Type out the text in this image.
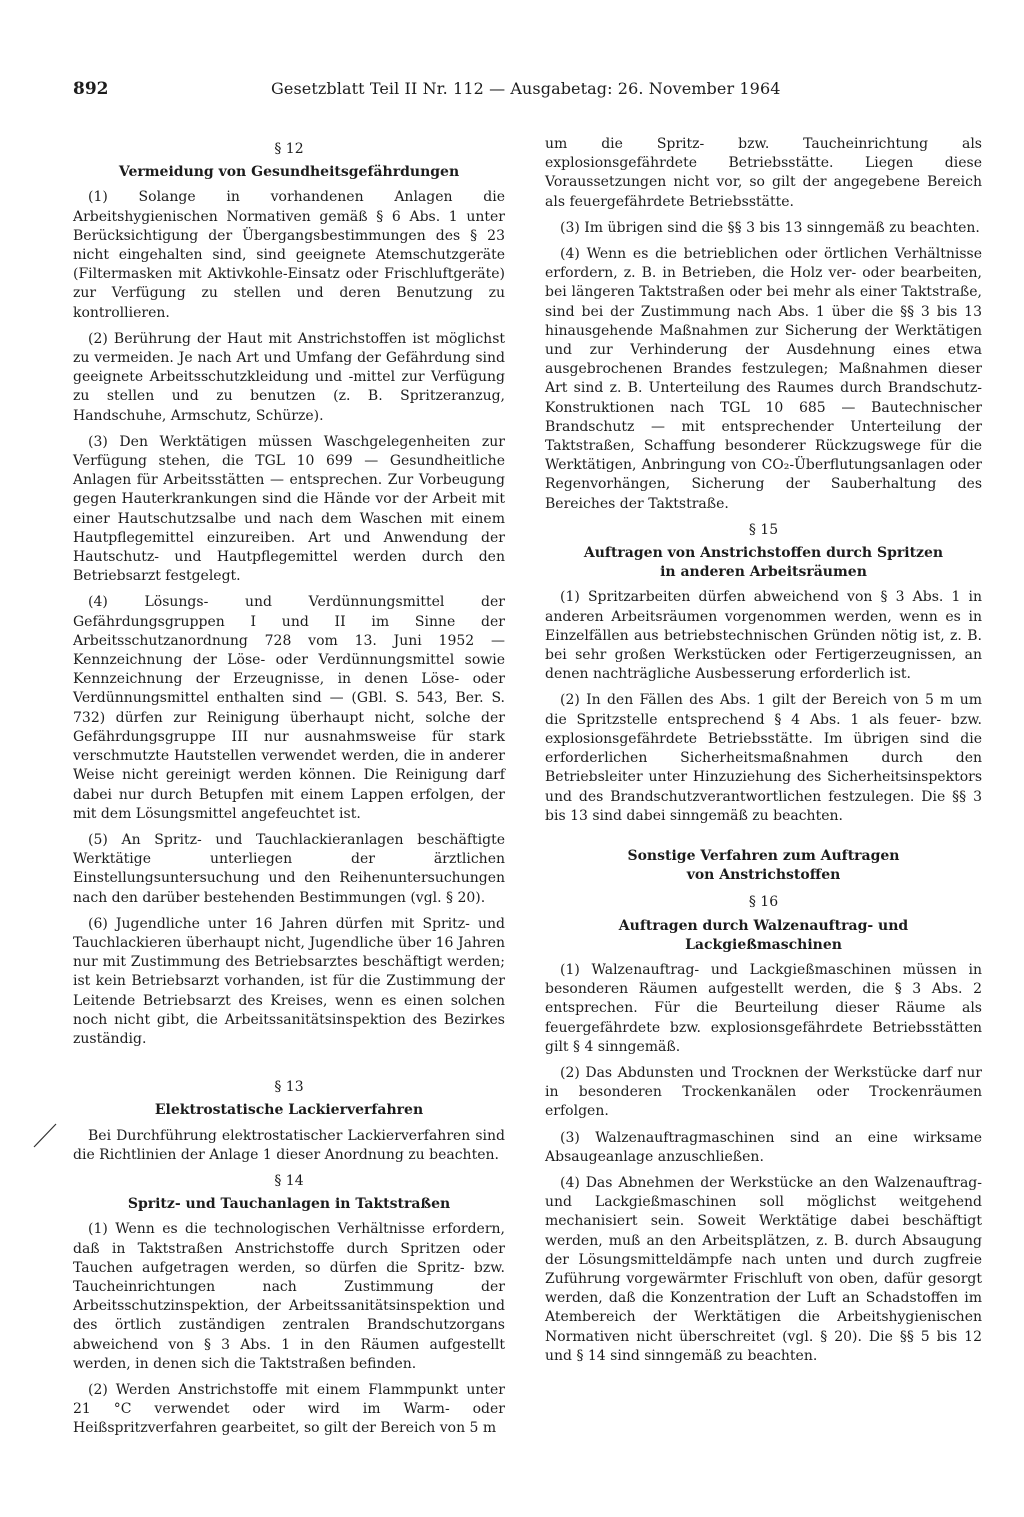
892	Gesetzblatt Teil II Nr. 112 — Ausgabetag: 26. November 1964
§ 12
Vermeidung von Gesundheitsgefährdungen

(1) Solange in vorhandenen Anlagen die Arbeitshygienischen Normativen gemäß § 6 Abs. 1 unter Berücksichtigung der Übergangsbestimmungen des § 23 nicht eingehalten sind, sind geeignete Atemschutzgeräte (Filtermasken mit Aktivkohle-Einsatz oder Frischluftgeräte) zur Verfügung zu stellen und deren Benutzung zu kontrollieren.

(2) Berührung der Haut mit Anstrichstoffen ist möglichst zu vermeiden. Je nach Art und Umfang der Gefährdung sind geeignete Arbeitsschutzkleidung und -mittel zur Verfügung zu stellen und zu benutzen (z. B. Spritzeranzug, Handschuhe, Armschutz, Schürze).

(3) Den Werktätigen müssen Waschgelegenheiten zur Verfügung stehen, die TGL 10 699 — Gesundheitliche Anlagen für Arbeitsstätten — entsprechen. Zur Vorbeugung gegen Hauterkrankungen sind die Hände vor der Arbeit mit einer Hautschutzsalbe und nach dem Waschen mit einem Hautpflegemittel einzureiben. Art und Anwendung der Hautschutz- und Hautpflegemittel werden durch den Betriebsarzt festgelegt.

(4) Lösungs- und Verdünnungsmittel der Gefährdungsgruppen I und II im Sinne der Arbeitsschutzanordnung 728 vom 13. Juni 1952 — Kennzeichnung der Löse- oder Verdünnungsmittel sowie Kennzeichnung der Erzeugnisse, in denen Löse- oder Verdünnungsmittel enthalten sind — (GBl. S. 543, Ber. S. 732) dürfen zur Reinigung überhaupt nicht, solche der Gefährdungsgruppe III nur ausnahmsweise für stark verschmutzte Hautstellen verwendet werden, die in anderer Weise nicht gereinigt werden können. Die Reinigung darf dabei nur durch Betupfen mit einem Lappen erfolgen, der mit dem Lösungsmittel angefeuchtet ist.

(5) An Spritz- und Tauchlackieranlagen beschäftigte Werktätige unterliegen der ärztlichen Einstellungsuntersuchung und den Reihenuntersuchungen nach den darüber bestehenden Bestimmungen (vgl. § 20).

(6) Jugendliche unter 16 Jahren dürfen mit Spritz- und Tauchlackieren überhaupt nicht, Jugendliche über 16 Jahren nur mit Zustimmung des Betriebsarztes beschäftigt werden; ist kein Betriebsarzt vorhanden, ist für die Zustimmung der Leitende Betriebsarzt des Kreises, wenn es einen solchen noch nicht gibt, die Arbeitssanitätsinspektion des Bezirkes zuständig.

§ 13
Elektrostatische Lackierverfahren

Bei Durchführung elektrostatischer Lackierverfahren sind die Richtlinien der Anlage 1 dieser Anordnung zu beachten.

§ 14
Spritz- und Tauchanlagen in Taktstraßen

(1) Wenn es die technologischen Verhältnisse erfordern, daß in Taktstraßen Anstrichstoffe durch Spritzen oder Tauchen aufgetragen werden, so dürfen die Spritz- bzw. Taucheinrichtungen nach Zustimmung der Arbeitsschutzinspektion, der Arbeitssanitätsinspektion und des örtlich zuständigen zentralen Brandschutzorgans abweichend von § 3 Abs. 1 in den Räumen aufgestellt werden, in denen sich die Taktstraßen befinden.

(2) Werden Anstrichstoffe mit einem Flammpunkt unter 21 °C verwendet oder wird im Warm- oder Heißspritzverfahren gearbeitet, so gilt der Bereich von 5 m

um die Spritz- bzw. Taucheinrichtung als explosionsgefährdete Betriebsstätte. Liegen diese Voraussetzungen nicht vor, so gilt der angegebene Bereich als feuergefährdete Betriebsstätte.

(3) Im übrigen sind die §§ 3 bis 13 sinngemäß zu beachten.

(4) Wenn es die betrieblichen oder örtlichen Verhältnisse erfordern, z. B. in Betrieben, die Holz ver- oder bearbeiten, bei längeren Taktstraßen oder bei mehr als einer Taktstraße, sind bei der Zustimmung nach Abs. 1 über die §§ 3 bis 13 hinausgehende Maßnahmen zur Sicherung der Werktätigen und zur Verhinderung der Ausdehnung eines etwa ausgebrochenen Brandes festzulegen; Maßnahmen dieser Art sind z. B. Unterteilung des Raumes durch Brandschutz-Konstruktionen nach TGL 10 685 — Bautechnischer Brandschutz — mit entsprechender Unterteilung der Taktstraßen, Schaffung besonderer Rückzugswege für die Werktätigen, Anbringung von CO₂-Überflutungsanlagen oder Regenvorhängen, Sicherung der Sauberhaltung des Bereiches der Taktstraße.

§ 15
Auftragen von Anstrichstoffen durch Spritzen
in anderen Arbeitsräumen

(1) Spritzarbeiten dürfen abweichend von § 3 Abs. 1 in anderen Arbeitsräumen vorgenommen werden, wenn es in Einzelfällen aus betriebstechnischen Gründen nötig ist, z. B. bei sehr großen Werkstücken oder Fertigerzeugnissen, an denen nachträgliche Ausbesserung erforderlich ist.

(2) In den Fällen des Abs. 1 gilt der Bereich von 5 m um die Spritzstelle entsprechend § 4 Abs. 1 als feuer- bzw. explosionsgefährdete Betriebsstätte. Im übrigen sind die erforderlichen Sicherheitsmaßnahmen durch den Betriebsleiter unter Hinzuziehung des Sicherheitsinspektors und des Brandschutzverantwortlichen festzulegen. Die §§ 3 bis 13 sind dabei sinngemäß zu beachten.

Sonstige Verfahren zum Auftragen
von Anstrichstoffen
§ 16
Auftragen durch Walzenauftrag- und Lackgießmaschinen

(1) Walzenauftrag- und Lackgießmaschinen müssen in besonderen Räumen aufgestellt werden, die § 3 Abs. 2 entsprechen. Für die Beurteilung dieser Räume als feuergefährdete bzw. explosionsgefährdete Betriebsstätten gilt § 4 sinngemäß.

(2) Das Abdunsten und Trocknen der Werkstücke darf nur in besonderen Trockenkanälen oder Trockenräumen erfolgen.

(3) Walzenauftragmaschinen sind an eine wirksame Absaugeanlage anzuschließen.

(4) Das Abnehmen der Werkstücke an den Walzenauftrag- und Lackgießmaschinen soll möglichst weitgehend mechanisiert sein. Soweit Werktätige dabei beschäftigt werden, muß an den Arbeitsplätzen, z. B. durch Absaugung der Lösungsmitteldämpfe nach unten und durch zugfreie Zuführung vorgewärmter Frischluft von oben, dafür gesorgt werden, daß die Konzentration der Luft an Schadstoffen im Atembereich der Werktätigen die Arbeitshygienischen Normativen nicht überschreitet (vgl. § 20). Die §§ 5 bis 12 und § 14 sind sinngemäß zu beachten.
